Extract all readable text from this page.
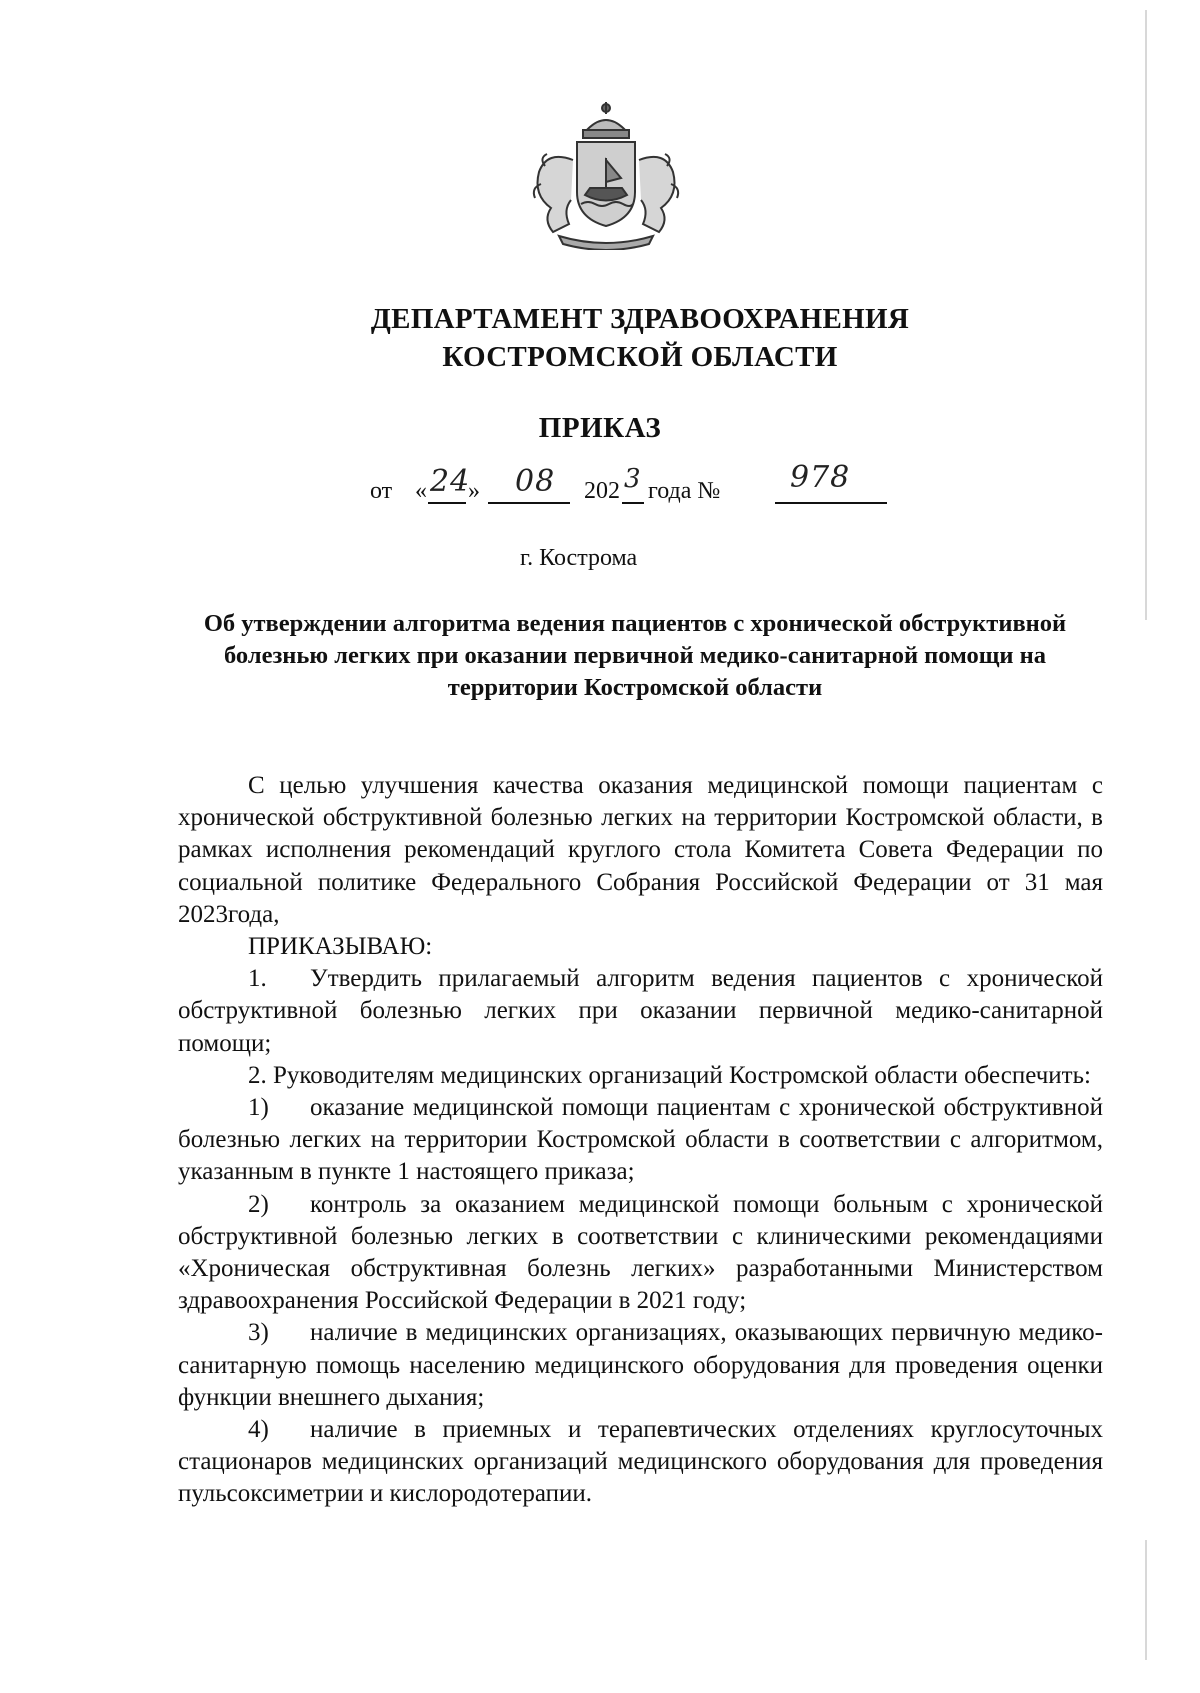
ДЕПАРТАМЕНТ ЗДРАВООХРАНЕНИЯ
КОСТРОМСКОЙ ОБЛАСТИ
ПРИКАЗ
от « 24
» 08 202 3 года № 978
г. Кострома
Об утверждении алгоритма ведения пациентов с хронической обструктивной болезнью легких при оказании первичной медико-санитарной помощи на территории Костромской области

С целью улучшения качества оказания медицинской помощи пациентам с хронической обструктивной болезнью легких на территории Костромской области, в рамках исполнения рекомендаций круглого стола Комитета Совета Федерации по социальной политике Федерального Собрания Российской Федерации от 31 мая 2023года,

ПРИКАЗЫВАЮ:

1. Утвердить прилагаемый алгоритм ведения пациентов с хронической обструктивной болезнью легких при оказании первичной медико-санитарной помощи;

2. Руководителям медицинских организаций Костромской области обеспечить:

1) оказание медицинской помощи пациентам с хронической обструктивной болезнью легких на территории Костромской области в соответствии с алгоритмом, указанным в пункте 1 настоящего приказа;

2) контроль за оказанием медицинской помощи больным с хронической обструктивной болезнью легких в соответствии с клиническими рекомендациями «Хроническая обструктивная болезнь легких» разработанными Министерством здравоохранения Российской Федерации в 2021 году;

3) наличие в медицинских организациях, оказывающих первичную медико-санитарную помощь населению медицинского оборудования для проведения оценки функции внешнего дыхания;

4) наличие в приемных и терапевтических отделениях круглосуточных стационаров медицинских организаций медицинского оборудования для проведения пульсоксиметрии и кислородотерапии.
